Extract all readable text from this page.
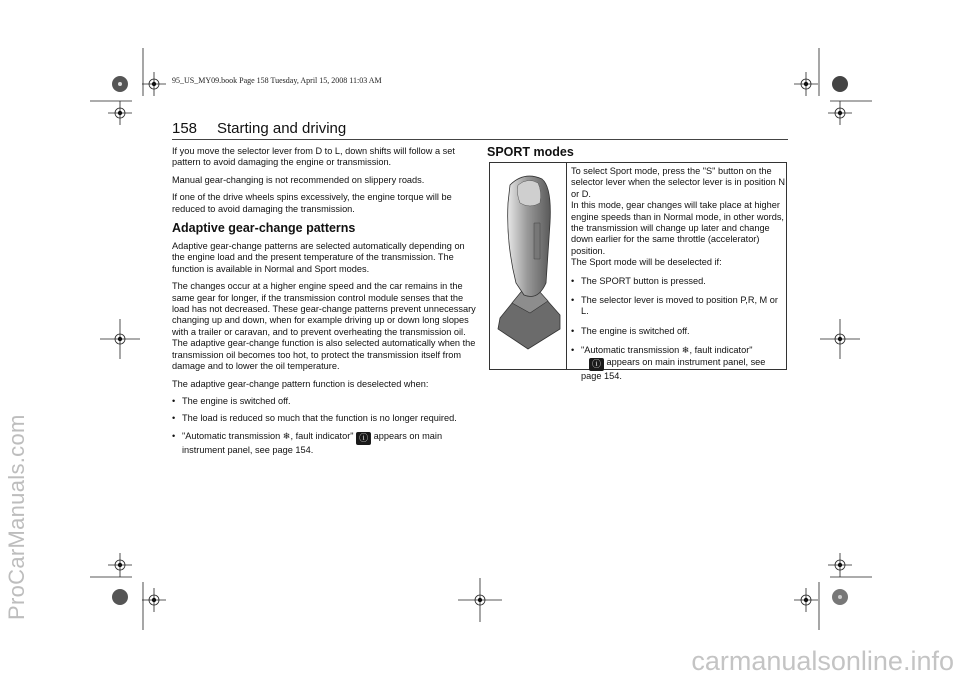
95_US_MY09.book Page 158 Tuesday, April 15, 2008 11:03 AM
ProCarManuals.com
carmanualsonline.info
158 Starting and driving

If you move the selector lever from D to L, down shifts will follow a set pattern to avoid damaging the engine or transmission.

Manual gear-changing is not recommended on slippery roads.

If one of the drive wheels spins excessively, the engine torque will be reduced to avoid damaging the transmission.

Adaptive gear-change patterns

Adaptive gear-change patterns are selected automatically depending on the engine load and the present temperature of the transmission. The function is available in Normal and Sport modes.

The changes occur at a higher engine speed and the car remains in the same gear for longer, if the transmission control module senses that the load has not decreased. These gear-change patterns prevent unnecessary changing up and down, when for example driving up or down long slopes with a trailer or caravan, and to prevent overheating the transmission oil. The adaptive gear-change function is also selected automatically when the transmission oil becomes too hot, to protect the transmission itself from damage and to lower the oil temperature.

The adaptive gear-change pattern function is deselected when:

• The engine is switched off.
• The load is reduced so much that the function is no longer required.
• "Automatic transmission ❄, fault indicator" ⓘ appears on main instrument panel, see page 154.
SPORT modes

To select Sport mode, press the "S" button on the selector lever when the selector lever is in position N or D.
In this mode, gear changes will take place at higher engine speeds than in Normal mode, in other words, the transmission will change up later and change down earlier for the same throttle (accelerator) position.
The Sport mode will be deselected if:

• The SPORT button is pressed.
• The selector lever is moved to position P,R, M or L.
• The engine is switched off.
• "Automatic transmission ❄, fault indicator"
ⓘ appears on main instrument panel, see page 154.
